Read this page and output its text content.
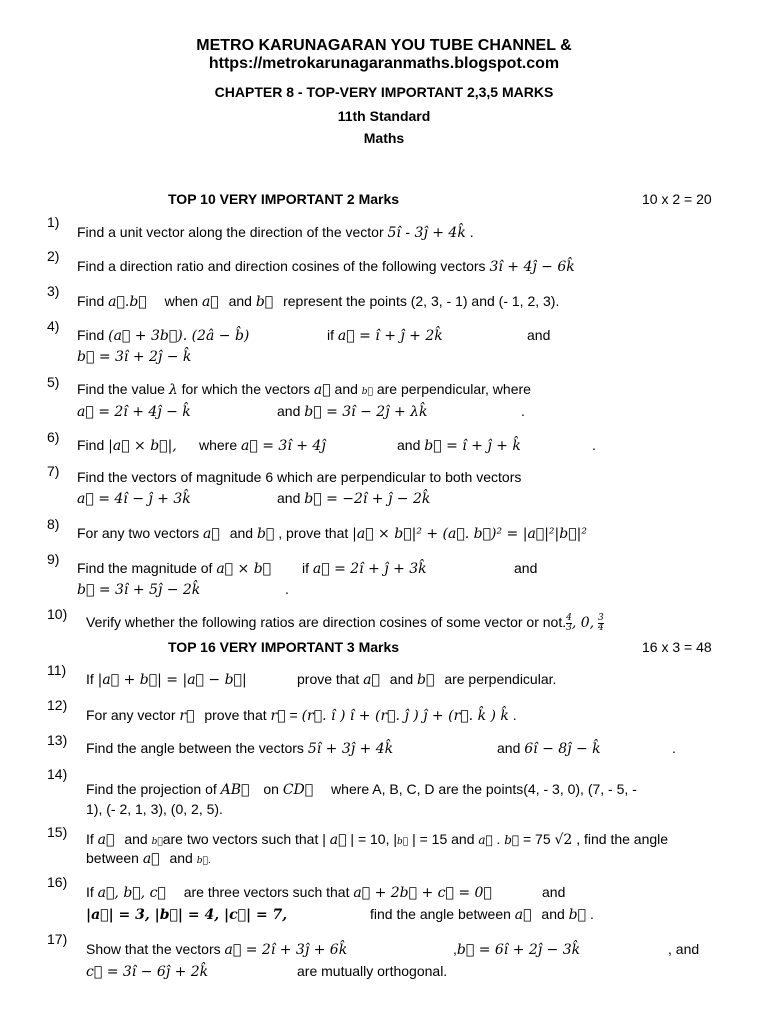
METRO KARUNAGARAN YOU TUBE CHANNEL &
https://metrokarunagaranmaths.blogspot.com
CHAPTER 8 - TOP-VERY IMPORTANT 2,3,5 MARKS
11th Standard
Maths
TOP 10 VERY IMPORTANT 2 Marks	10 x 2 = 20
1)
Find a unit vector along the direction of the vector 5î - 3ĵ + 4k̂ .
2)
Find a direction ratio and direction cosines of the following vectors 3î + 4ĵ − 6k̂
3)
Find a⃗.b⃗ when a⃗ and b⃗ represent the points (2, 3, - 1) and (- 1, 2, 3).
4)
Find (a⃗ + 3b⃗). (2â − b̂)	if a⃗ = î + ĵ + 2k̂	and
b⃗ = 3î + 2ĵ − k̂
5) Find the value λ for which the vectors a⃗ and b⃗ are perpendicular, where
a⃗ = 2î + 4ĵ − k̂	and b⃗ = 3î − 2ĵ + λk̂	.
6) Find |a⃗ × b⃗|, where a⃗ = 3î + 4ĵ	and b⃗ = î + ĵ + k̂	.
7) Find the vectors of magnitude 6 which are perpendicular to both vectors
a⃗ = 4î − ĵ + 3k̂	and b⃗ = −2î + ĵ − 2k̂
8)
For any two vectors a⃗ and b⃗ , prove that |a⃗ × b⃗|² + (a⃗. b⃗)² = |a⃗|²|b⃗|²
9)
Find the magnitude of a⃗ × b⃗ if a⃗ = 2î + ĵ + 3k̂	and
b⃗ = 3î + 5ĵ − 2k̂	.
10)
Verify whether the following ratios are direction cosines of some vector or not. $\frac{4}{3}$ , 0, $\frac{3}{4}$
TOP 16 VERY IMPORTANT 3 Marks	16 x 3 = 48
11)
If |a⃗ + b⃗| = |a⃗ − b⃗|	prove that a⃗ and b⃗ are perpendicular.
12)
For any vector r⃗ prove that r⃗ = (r⃗. î ) î + (r⃗. ĵ ) ĵ + (r⃗. k̂ ) k̂ .
13) Find the angle between the vectors 5î + 3ĵ + 4k̂	and 6î − 8ĵ − k̂	.
14)
Find the projection of AB⃗ on CD⃗ where A, B, C, D are the points(4, - 3, 0), (7, - 5, -
1), (- 2, 1, 3), (0, 2, 5).
15) If a⃗ and b⃗are two vectors such that | a⃗ | = 10, |b⃗ | = 15 and a⃗ . b⃗ = 75 √2 , find the angle
between a⃗ and b⃗.
16)
If a⃗, b⃗, c⃗ are three vectors such that a⃗ + 2b⃗ + c⃗ = 0⃗	and
|a⃗| = 3, |b⃗| = 4, |c⃗| = 7,	find the angle between a⃗ and b⃗ .
17)
Show that the vectors a⃗ = 2î + 3ĵ + 6k̂	,b⃗ = 6î + 2ĵ − 3k̂	, and
c⃗ = 3î − 6ĵ + 2k̂	are mutually orthogonal.
